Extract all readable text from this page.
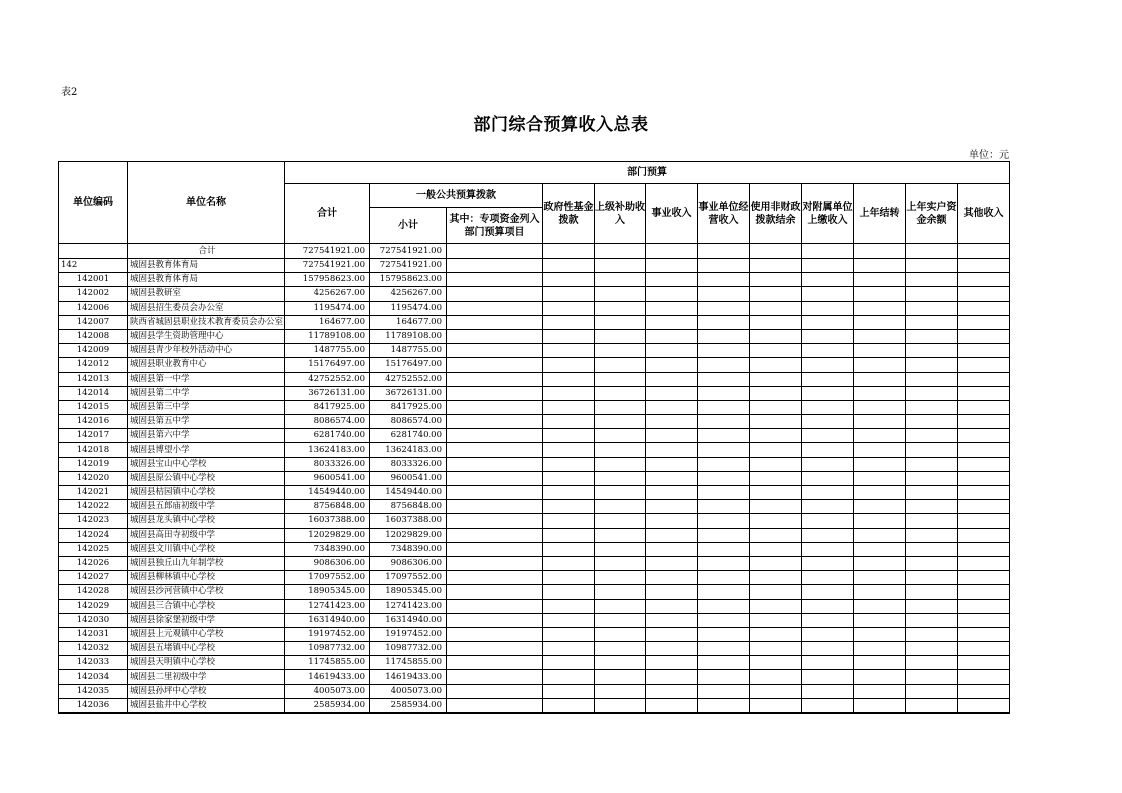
表2
部门综合预算收入总表
单位：元
单位编码	单位名称	部门预算											
		合计	一般公共预算拨款		政府性基金拨款	上级补助收入	事业收入	事业单位经营收入	使用非财政拨款结余	对附属单位上缴收入	上年结转	上年实户资金余额	其他收入
			小计	其中：专项资金列入部门预算项目									
	合计	727541921.00	727541921.00										
142	城固县教育体育局	727541921.00	727541921.00										
142001	城固县教育体育局	157958623.00	157958623.00										
142002	城固县教研室	4256267.00	4256267.00										
142006	城固县招生委员会办公室	1195474.00	1195474.00										
142007	陕西省城固县职业技术教育委员会办公室	164677.00	164677.00										
142008	城固县学生资助管理中心	11789108.00	11789108.00										
142009	城固县青少年校外活动中心	1487755.00	1487755.00										
142012	城固县职业教育中心	15176497.00	15176497.00										
142013	城固县第一中学	42752552.00	42752552.00										
142014	城固县第二中学	36726131.00	36726131.00										
142015	城固县第三中学	8417925.00	8417925.00										
142016	城固县第五中学	8086574.00	8086574.00										
142017	城固县第六中学	6281740.00	6281740.00										
142018	城固县博望小学	13624183.00	13624183.00										
142019	城固县宝山中心学校	8033326.00	8033326.00										
142020	城固县原公镇中心学校	9600541.00	9600541.00										
142021	城固县桔园镇中心学校	14549440.00	14549440.00										
142022	城固县五郎庙初级中学	8756848.00	8756848.00										
142023	城固县龙头镇中心学校	16037388.00	16037388.00										
142024	城固县高田寺初级中学	12029829.00	12029829.00										
142025	城固县文川镇中心学校	7348390.00	7348390.00										
142026	城固县独丘山九年制学校	9086306.00	9086306.00										
142027	城固县柳林镇中心学校	17097552.00	17097552.00										
142028	城固县沙河营镇中心学校	18905345.00	18905345.00										
142029	城固县三合镇中心学校	12741423.00	12741423.00										
142030	城固县徐家堡初级中学	16314940.00	16314940.00										
142031	城固县上元观镇中心学校	19197452.00	19197452.00										
142032	城固县五堵镇中心学校	10987732.00	10987732.00										
142033	城固县天明镇中心学校	11745855.00	11745855.00										
142034	城固县二里初级中学	14619433.00	14619433.00										
142035	城固县孙坪中心学校	4005073.00	4005073.00										
142036	城固县盐井中心学校	2585934.00	2585934.00										
